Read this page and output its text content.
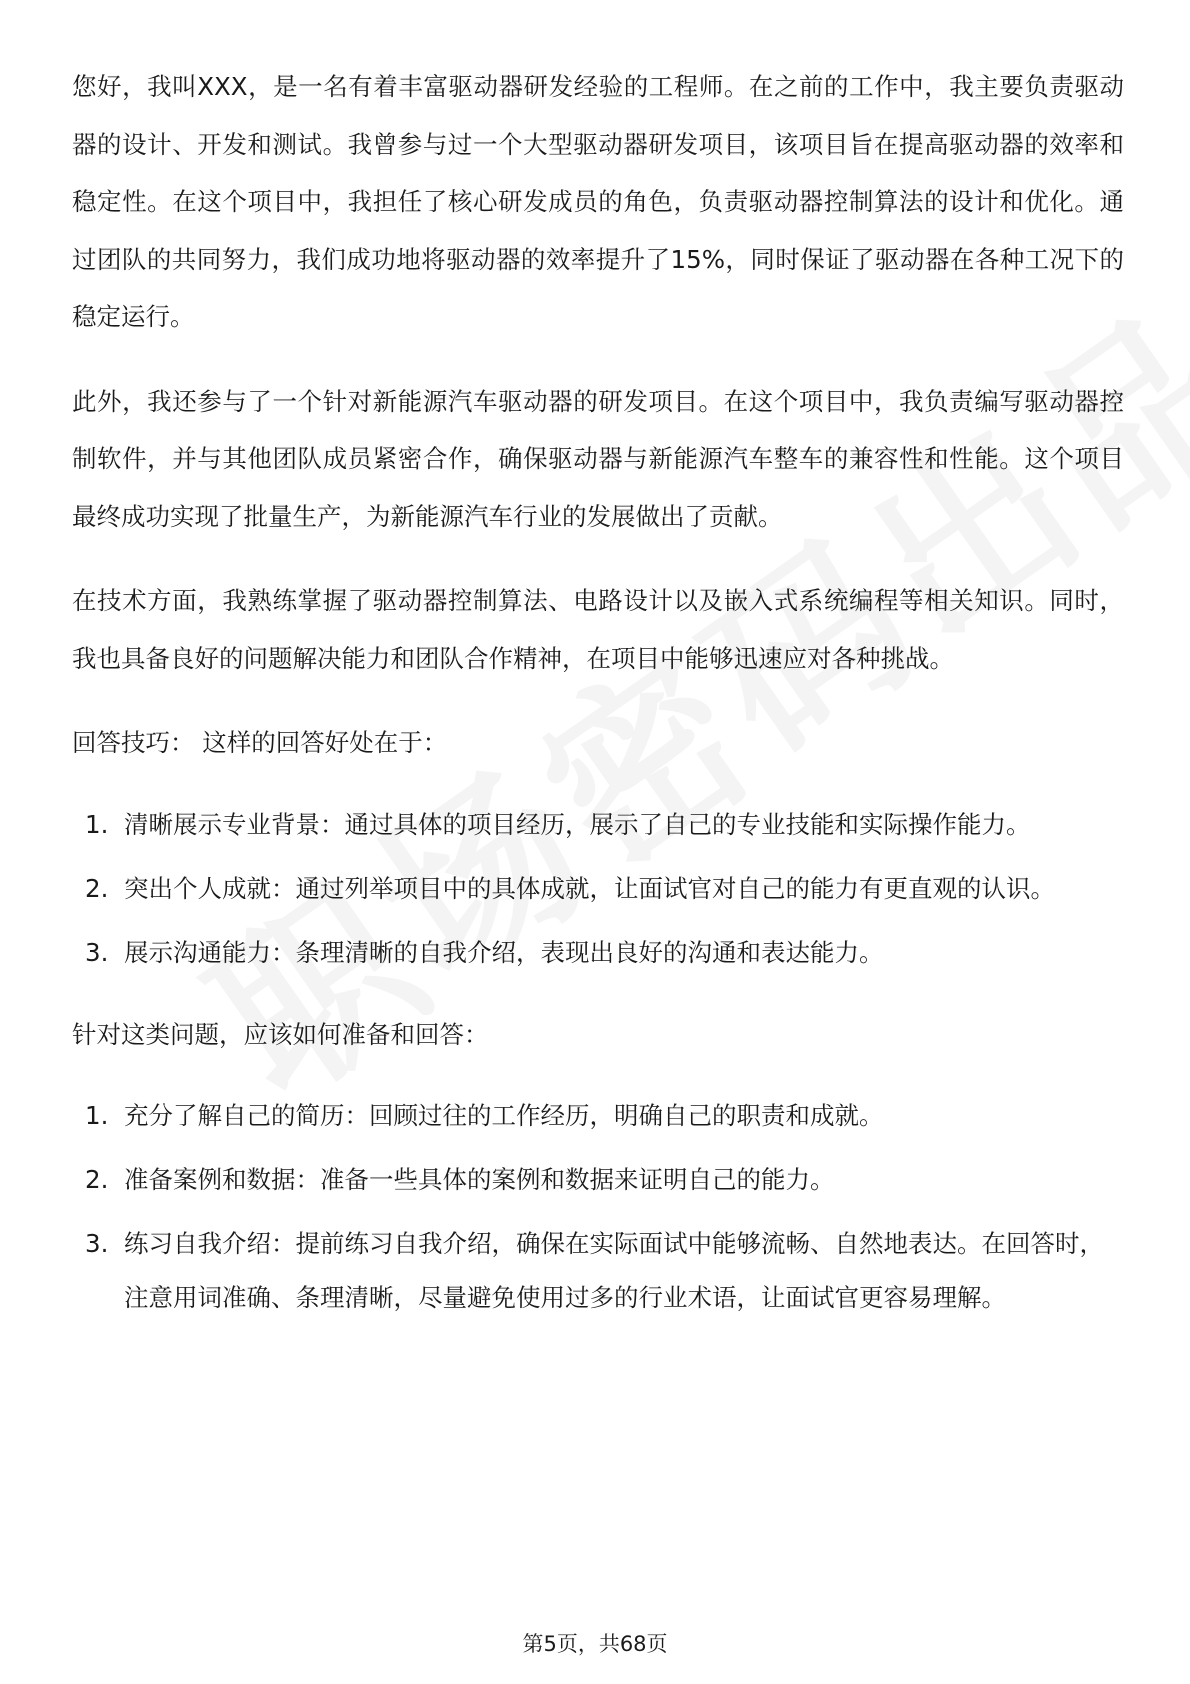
您好，我叫XXX，是一名有着丰富驱动器研发经验的工程师。在之前的工作中，我主要负责驱动器的设计、开发和测试。我曾参与过一个大型驱动器研发项目，该项目旨在提高驱动器的效率和稳定性。在这个项目中，我担任了核心研发成员的角色，负责驱动器控制算法的设计和优化。通过团队的共同努力，我们成功地将驱动器的效率提升了15%，同时保证了驱动器在各种工况下的稳定运行。

此外，我还参与了一个针对新能源汽车驱动器的研发项目。在这个项目中，我负责编写驱动器控制软件，并与其他团队成员紧密合作，确保驱动器与新能源汽车整车的兼容性和性能。这个项目最终成功实现了批量生产，为新能源汽车行业的发展做出了贡献。

在技术方面，我熟练掌握了驱动器控制算法、电路设计以及嵌入式系统编程等相关知识。同时，我也具备良好的问题解决能力和团队合作精神，在项目中能够迅速应对各种挑战。

回答技巧： 这样的回答好处在于：

1. 清晰展示专业背景：通过具体的项目经历，展示了自己的专业技能和实际操作能力。
2. 突出个人成就：通过列举项目中的具体成就，让面试官对自己的能力有更直观的认识。
3. 展示沟通能力：条理清晰的自我介绍，表现出良好的沟通和表达能力。

针对这类问题，应该如何准备和回答：

1. 充分了解自己的简历：回顾过往的工作经历，明确自己的职责和成就。
2. 准备案例和数据：准备一些具体的案例和数据来证明自己的能力。
3. 练习自我介绍：提前练习自我介绍，确保在实际面试中能够流畅、自然地表达。在回答时，注意用词准确、条理清晰，尽量避免使用过多的行业术语，让面试官更容易理解。
第5页，共68页
